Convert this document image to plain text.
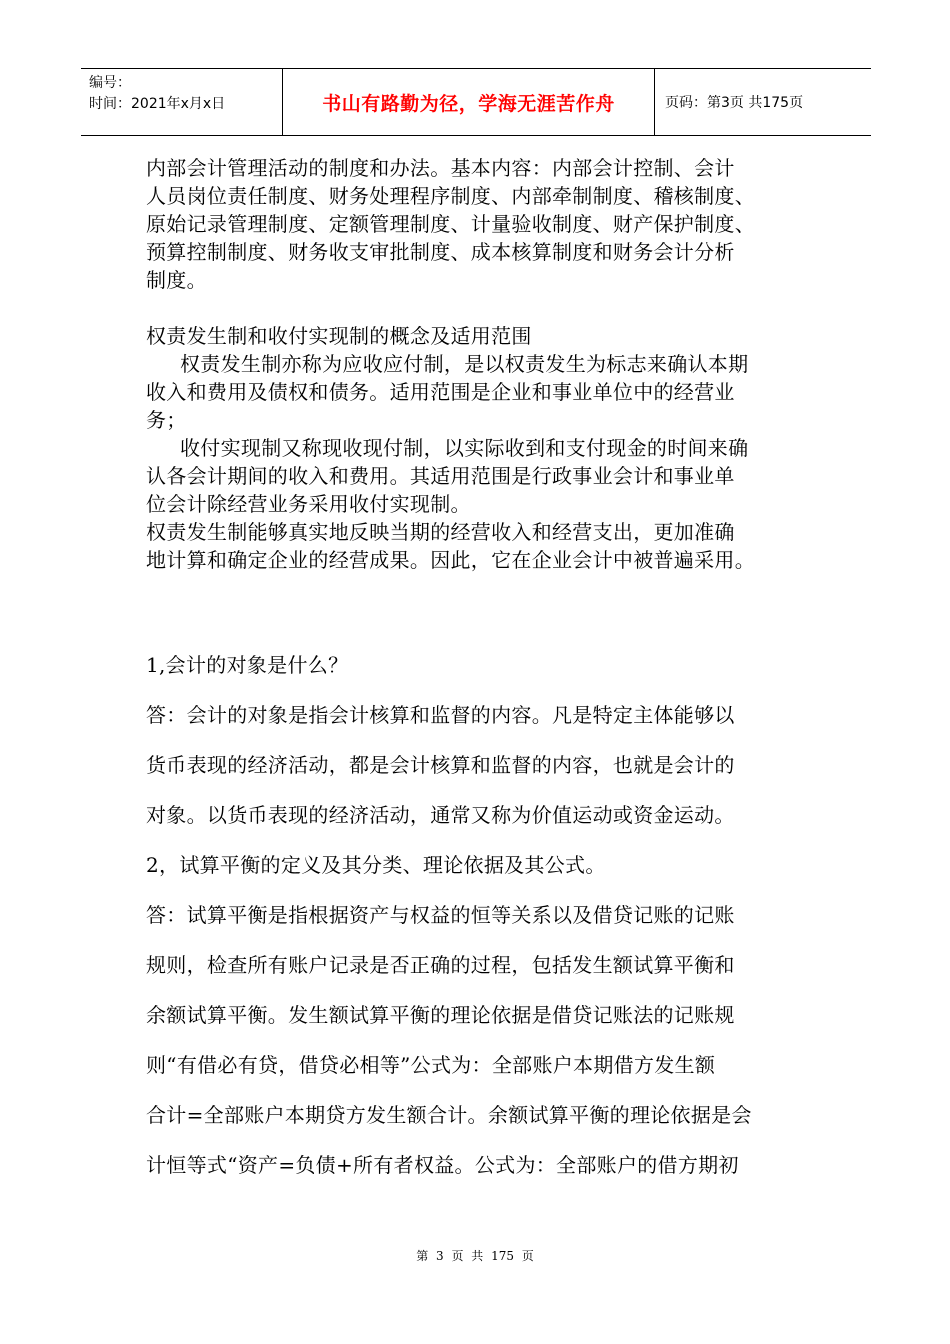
编号：
时间：2021年x月x日	书山有路勤为径，学海无涯苦作舟	页码：第3页 共175页

内部会计管理活动的制度和办法。基本内容：内部会计控制、会计

人员岗位责任制度、财务处理程序制度、内部牵制制度、稽核制度、

原始记录管理制度、定额管理制度、计量验收制度、财产保护制度、

预算控制制度、财务收支审批制度、成本核算制度和财务会计分析

制度。

权责发生制和收付实现制的概念及适用范围

权责发生制亦称为应收应付制，是以权责发生为标志来确认本期

收入和费用及债权和债务。适用范围是企业和事业单位中的经营业

务；

收付实现制又称现收现付制，以实际收到和支付现金的时间来确

认各会计期间的收入和费用。其适用范围是行政事业会计和事业单

位会计除经营业务采用收付实现制。

权责发生制能够真实地反映当期的经营收入和经营支出，更加准确

地计算和确定企业的经营成果。因此，它在企业会计中被普遍采用。

1,会计的对象是什么？

答：会计的对象是指会计核算和监督的内容。凡是特定主体能够以

货币表现的经济活动，都是会计核算和监督的内容，也就是会计的

对象。以货币表现的经济活动，通常又称为价值运动或资金运动。

2，试算平衡的定义及其分类、理论依据及其公式。

答：试算平衡是指根据资产与权益的恒等关系以及借贷记账的记账

规则，检查所有账户记录是否正确的过程，包括发生额试算平衡和

余额试算平衡。发生额试算平衡的理论依据是借贷记账法的记账规

则“有借必有贷，借贷必相等”公式为：全部账户本期借方发生额

合计=全部账户本期贷方发生额合计。余额试算平衡的理论依据是会

计恒等式“资产=负债+所有者权益。公式为：全部账户的借方期初

第 3 页 共 175 页
